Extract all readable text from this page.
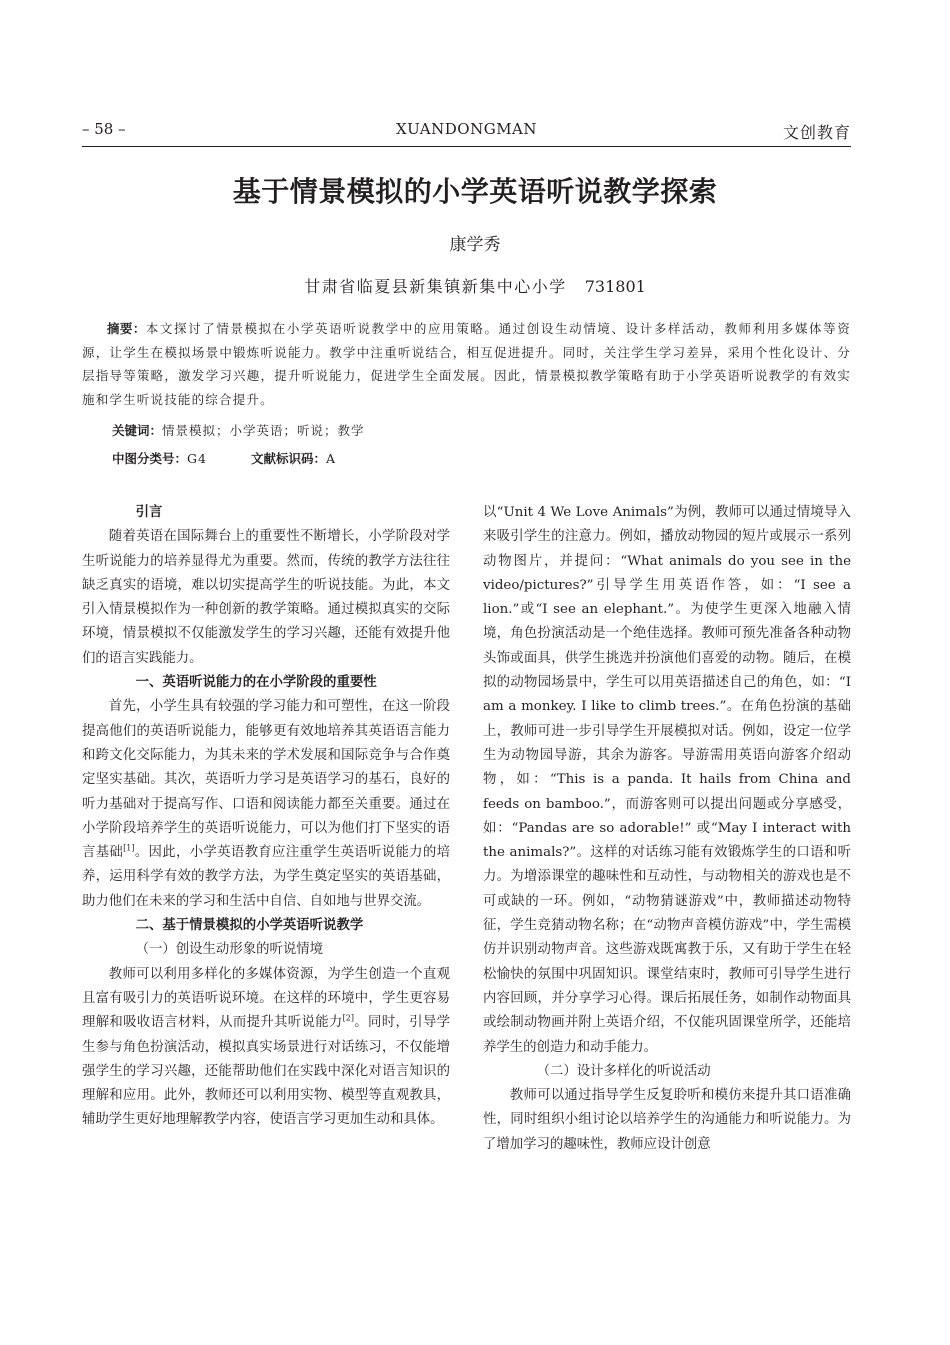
– 58 –	XUANDONGMAN	文创教育
基于情景模拟的小学英语听说教学探索
康学秀
甘肃省临夏县新集镇新集中心小学 731801
摘要：本文探讨了情景模拟在小学英语听说教学中的应用策略。通过创设生动情境、设计多样活动，教师利用多媒体等资源，让学生在模拟场景中锻炼听说能力。教学中注重听说结合，相互促进提升。同时，关注学生学习差异，采用个性化设计、分层指导等策略，激发学习兴趣，提升听说能力，促进学生全面发展。因此，情景模拟教学策略有助于小学英语听说教学的有效实施和学生听说技能的综合提升。
关键词：情景模拟；小学英语；听说；教学
中图分类号：G4	文献标识码：A

引言

随着英语在国际舞台上的重要性不断增长，小学阶段对学生听说能力的培养显得尤为重要。然而，传统的教学方法往往缺乏真实的语境，难以切实提高学生的听说技能。为此，本文引入情景模拟作为一种创新的教学策略。通过模拟真实的交际环境，情景模拟不仅能激发学生的学习兴趣，还能有效提升他们的语言实践能力。

一、英语听说能力的在小学阶段的重要性

首先，小学生具有较强的学习能力和可塑性，在这一阶段提高他们的英语听说能力，能够更有效地培养其英语语言能力和跨文化交际能力，为其未来的学术发展和国际竞争与合作奠定坚实基础。其次，英语听力学习是英语学习的基石，良好的听力基础对于提高写作、口语和阅读能力都至关重要。通过在小学阶段培养学生的英语听说能力，可以为他们打下坚实的语言基础[1]。因此，小学英语教育应注重学生英语听说能力的培养，运用科学有效的教学方法，为学生奠定坚实的英语基础，助力他们在未来的学习和生活中自信、自如地与世界交流。

二、基于情景模拟的小学英语听说教学

（一）创设生动形象的听说情境

教师可以利用多样化的多媒体资源，为学生创造一个直观且富有吸引力的英语听说环境。在这样的环境中，学生更容易理解和吸收语言材料，从而提升其听说能力[2]。同时，引导学生参与角色扮演活动，模拟真实场景进行对话练习，不仅能增强学生的学习兴趣，还能帮助他们在实践中深化对语言知识的理解和应用。此外，教师还可以利用实物、模型等直观教具，辅助学生更好地理解教学内容，使语言学习更加生动和具体。

以“Unit 4 We Love Animals”为例，教师可以通过情境导入来吸引学生的注意力。例如，播放动物园的短片或展示一系列动物图片，并提问：“What animals do you see in the video/pictures?”引导学生用英语作答，如：“I see a lion.”或“I see an elephant.”。为使学生更深入地融入情境，角色扮演活动是一个绝佳选择。教师可预先准备各种动物头饰或面具，供学生挑选并扮演他们喜爱的动物。随后，在模拟的动物园场景中，学生可以用英语描述自己的角色，如：“I am a monkey. I like to climb trees.”。在角色扮演的基础上，教师可进一步引导学生开展模拟对话。例如，设定一位学生为动物园导游，其余为游客。导游需用英语向游客介绍动物，如：“This is a panda. It hails from China and feeds on bamboo.”，而游客则可以提出问题或分享感受，如：“Pandas are so adorable!” 或“May I interact with the animals?”。这样的对话练习能有效锻炼学生的口语和听力。为增添课堂的趣味性和互动性，与动物相关的游戏也是不可或缺的一环。例如，“动物猜谜游戏”中，教师描述动物特征，学生竞猜动物名称；在“动物声音模仿游戏”中，学生需模仿并识别动物声音。这些游戏既寓教于乐，又有助于学生在轻松愉快的氛围中巩固知识。课堂结束时，教师可引导学生进行内容回顾，并分享学习心得。课后拓展任务，如制作动物面具或绘制动物画并附上英语介绍，不仅能巩固课堂所学，还能培养学生的创造力和动手能力。

（二）设计多样化的听说活动

教师可以通过指导学生反复聆听和模仿来提升其口语准确性，同时组织小组讨论以培养学生的沟通能力和听说能力。为了增加学习的趣味性，教师应设计创意
